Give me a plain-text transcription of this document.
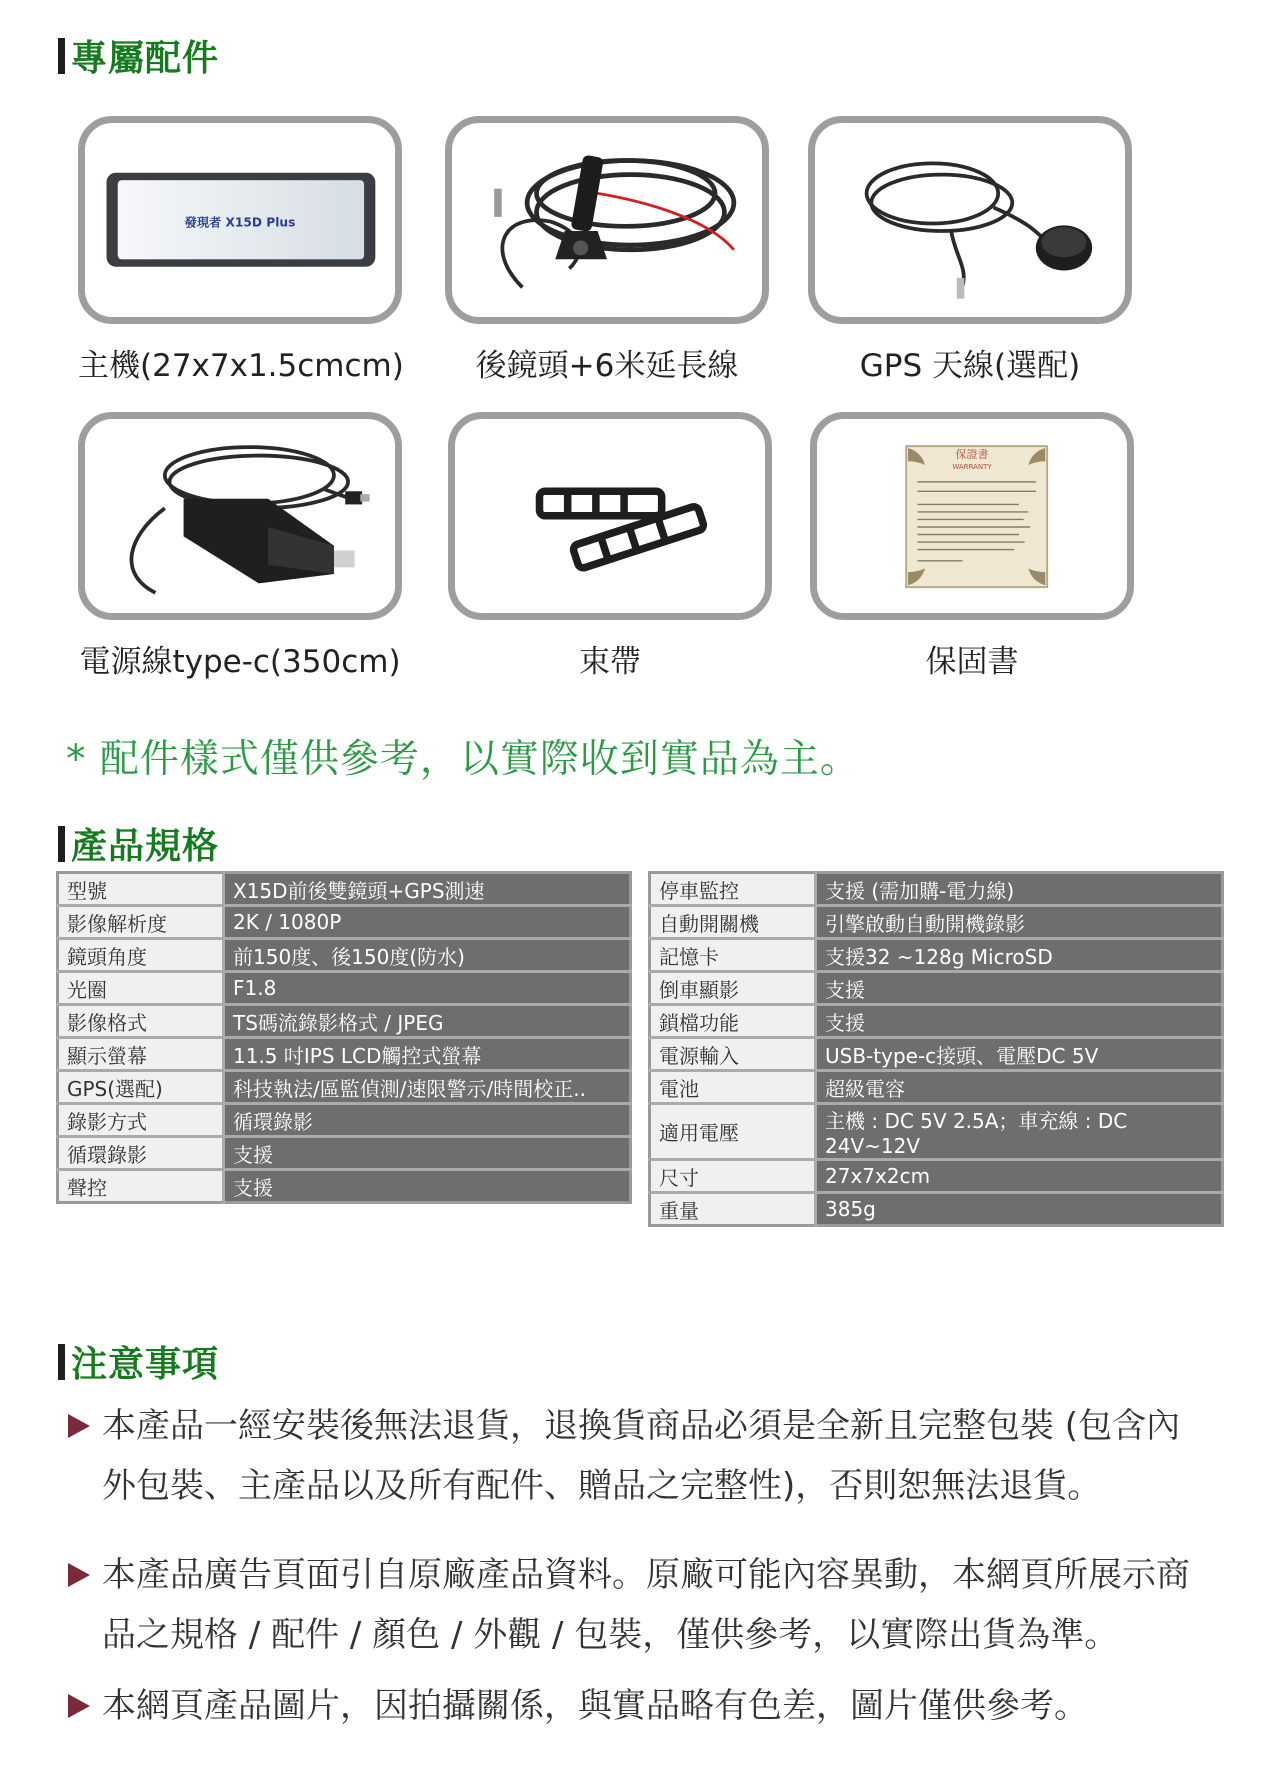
專屬配件
發現者 X15D Plus
主機(27x7x1.5cmcm)	後鏡頭+6米延長線	GPS 天線(選配)
電源線type-c(350cm)	束帶
保證書
WARRANTY
保固書
* 配件樣式僅供參考，以實際收到實品為主。
產品規格
型號	X15D前後雙鏡頭+GPS測速
影像解析度	2K / 1080P
鏡頭角度	前150度、後150度(防水)
光圈	F1.8
影像格式	TS碼流錄影格式 / JPEG
顯示螢幕	11.5 吋IPS LCD觸控式螢幕
GPS(選配)	科技執法/區監偵測/速限警示/時間校正..
錄影方式	循環錄影
循環錄影	支援
聲控	支援
停車監控	支援 (需加購-電力線)
自動開關機	引擎啟動自動開機錄影
記憶卡	支援32 ~128g MicroSD
倒車顯影	支援
鎖檔功能	支援
電源輸入	USB-type-c接頭、電壓DC 5V
電池	超級電容
適用電壓	主機 : DC 5V 2.5A；車充線 : DC 24V~12V
尺寸	27x7x2cm
重量	385g
注意事項
本產品一經安裝後無法退貨，退換貨商品必須是全新且完整包裝 (包含內外包裝、主產品以及所有配件、贈品之完整性)，否則恕無法退貨。
本產品廣告頁面引自原廠產品資料。原廠可能內容異動，本網頁所展示商品之規格 / 配件 / 顏色 / 外觀 / 包裝，僅供參考，以實際出貨為準。
本網頁產品圖片，因拍攝關係，與實品略有色差，圖片僅供參考。
